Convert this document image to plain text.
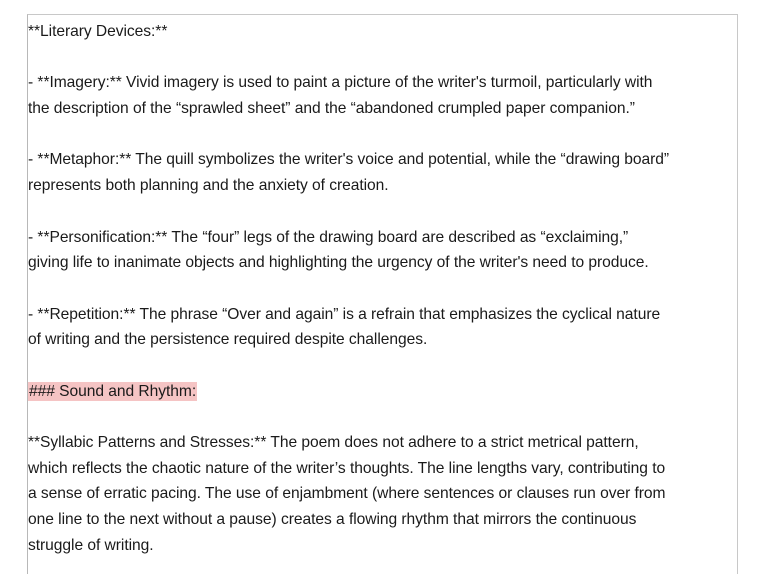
**Literary Devices:**
- **Imagery:** Vivid imagery is used to paint a picture of the writer's turmoil, particularly with
the description of the “sprawled sheet” and the “abandoned crumpled paper companion.”
- **Metaphor:** The quill symbolizes the writer's voice and potential, while the “drawing board”
represents both planning and the anxiety of creation.
- **Personification:** The “four” legs of the drawing board are described as “exclaiming,”
giving life to inanimate objects and highlighting the urgency of the writer's need to produce.
- **Repetition:** The phrase “Over and again” is a refrain that emphasizes the cyclical nature
of writing and the persistence required despite challenges.
### Sound and Rhythm:
**Syllabic Patterns and Stresses:** The poem does not adhere to a strict metrical pattern,
which reflects the chaotic nature of the writer’s thoughts. The line lengths vary, contributing to
a sense of erratic pacing. The use of enjambment (where sentences or clauses run over from
one line to the next without a pause) creates a flowing rhythm that mirrors the continuous
struggle of writing.
